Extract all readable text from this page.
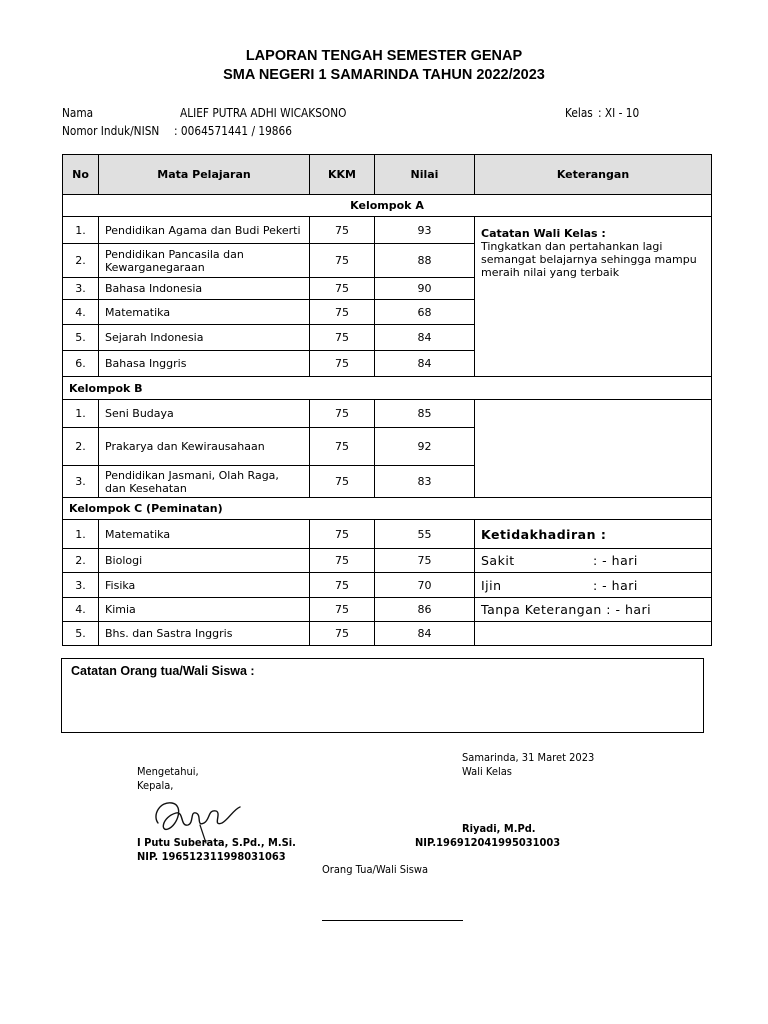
LAPORAN TENGAH SEMESTER GENAP
SMA NEGERI 1 SAMARINDA TAHUN 2022/2023
Nama	ALIEF PUTRA ADHI WICAKSONO	Kelas : XI - 10
Nomor Induk/NISN : 0064571441 / 19866
No	Mata Pelajaran	KKM	Nilai	Keterangan
Kelompok A				
1.	Pendidikan Agama dan Budi Pekerti	75	93	Catatan Wali Kelas :
Tingkatkan dan pertahankan lagi semangat belajarnya sehingga mampu meraih nilai yang terbaik

2.	Pendidikan Pancasila dan Kewarganegaraan	75	88	
3.	Bahasa Indonesia	75	90	
4.	Matematika	75	68	
5.	Sejarah Indonesia	75	84	
6.	Bahasa Inggris	75	84	
Kelompok B				
1.	Seni Budaya	75	85	
2.	Prakarya dan Kewirausahaan	75	92	
3.	Pendidikan Jasmani, Olah Raga, dan Kesehatan	75	83	
Kelompok C (Peminatan)				
1.	Matematika	75	55	Ketidakhadiran :
2.	Biologi	75	75	Sakit : - hari
3.	Fisika	75	70	Ijin : - hari
4.	Kimia	75	86	Tanpa Keterangan : - hari
5.	Bhs. dan Sastra Inggris	75	84	
Catatan Orang tua/Wali Siswa :
Samarinda, 31 Maret 2023
Wali Kelas
Mengetahui,
Kepala,
Riyadi, M.Pd.
NIP.196912041995031003
I Putu Suberata, S.Pd., M.Si.
NIP. 196512311998031063
Orang Tua/Wali Siswa
